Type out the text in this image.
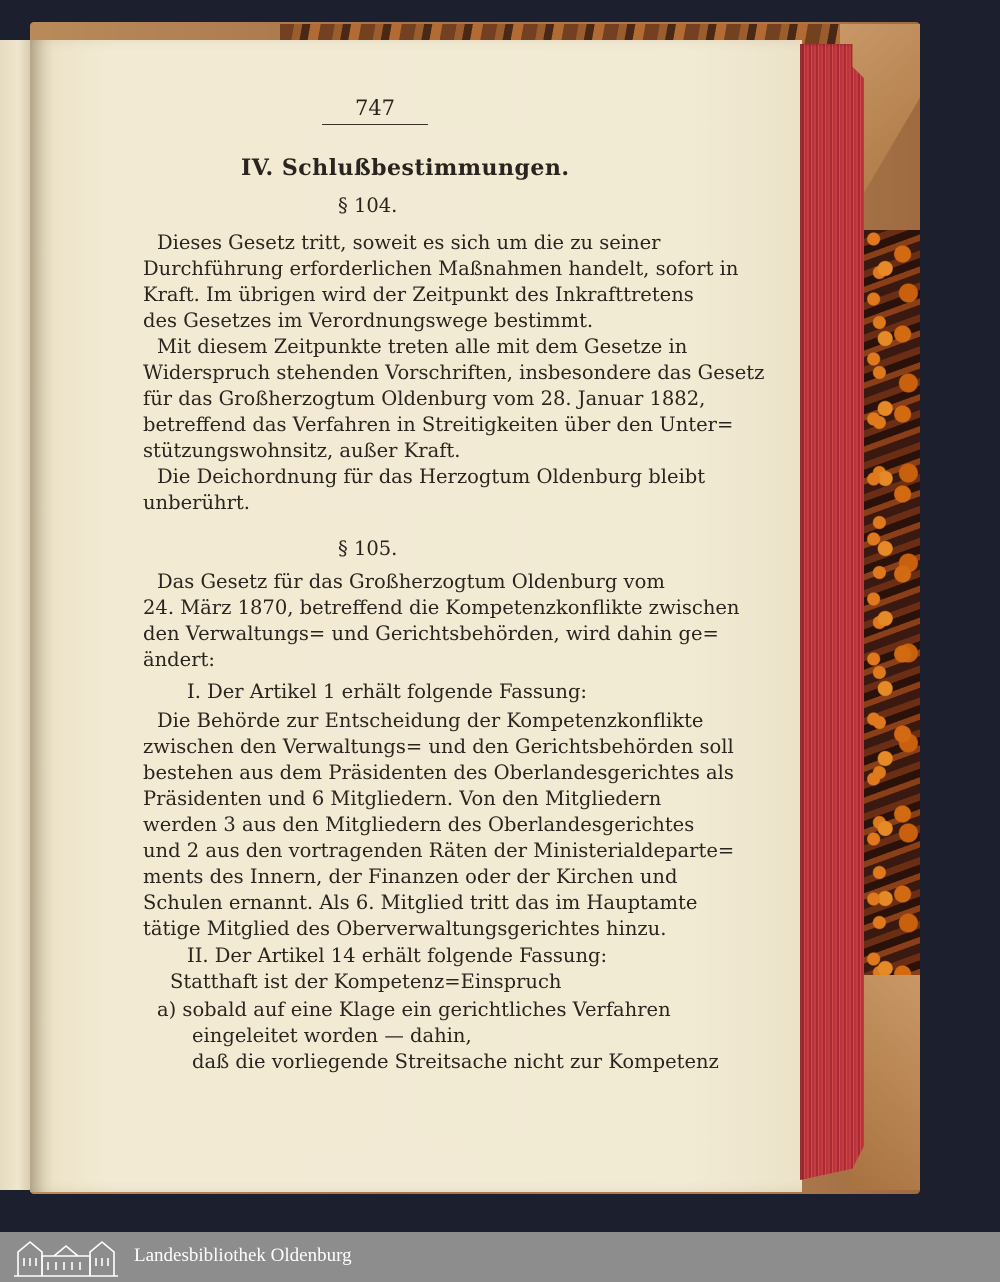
747

IV. Schlußbestimmungen.

§ 104.

Dieses Gesetz tritt, soweit es sich um die zu seiner

Durchführung erforderlichen Maßnahmen handelt, sofort in

Kraft. Im übrigen wird der Zeitpunkt des Inkrafttretens

des Gesetzes im Verordnungswege bestimmt.

Mit diesem Zeitpunkte treten alle mit dem Gesetze in

Widerspruch stehenden Vorschriften, insbesondere das Gesetz

für das Großherzogtum Oldenburg vom 28. Januar 1882,

betreffend das Verfahren in Streitigkeiten über den Unter=

stützungswohnsitz, außer Kraft.

Die Deichordnung für das Herzogtum Oldenburg bleibt

unberührt.

§ 105.

Das Gesetz für das Großherzogtum Oldenburg vom

24. März 1870, betreffend die Kompetenzkonflikte zwischen

den Verwaltungs= und Gerichtsbehörden, wird dahin ge=

ändert:

I. Der Artikel 1 erhält folgende Fassung:

Die Behörde zur Entscheidung der Kompetenzkonflikte

zwischen den Verwaltungs= und den Gerichtsbehörden soll

bestehen aus dem Präsidenten des Oberlandesgerichtes als

Präsidenten und 6 Mitgliedern. Von den Mitgliedern

werden 3 aus den Mitgliedern des Oberlandesgerichtes

und 2 aus den vortragenden Räten der Ministerialdeparte=

ments des Innern, der Finanzen oder der Kirchen und

Schulen ernannt. Als 6. Mitglied tritt das im Hauptamte

tätige Mitglied des Oberverwaltungsgerichtes hinzu.

II. Der Artikel 14 erhält folgende Fassung:

Statthaft ist der Kompetenz=Einspruch

a) sobald auf eine Klage ein gerichtliches Verfahren

eingeleitet worden — dahin,

daß die vorliegende Streitsache nicht zur Kompetenz

Landesbibliothek Oldenburg
